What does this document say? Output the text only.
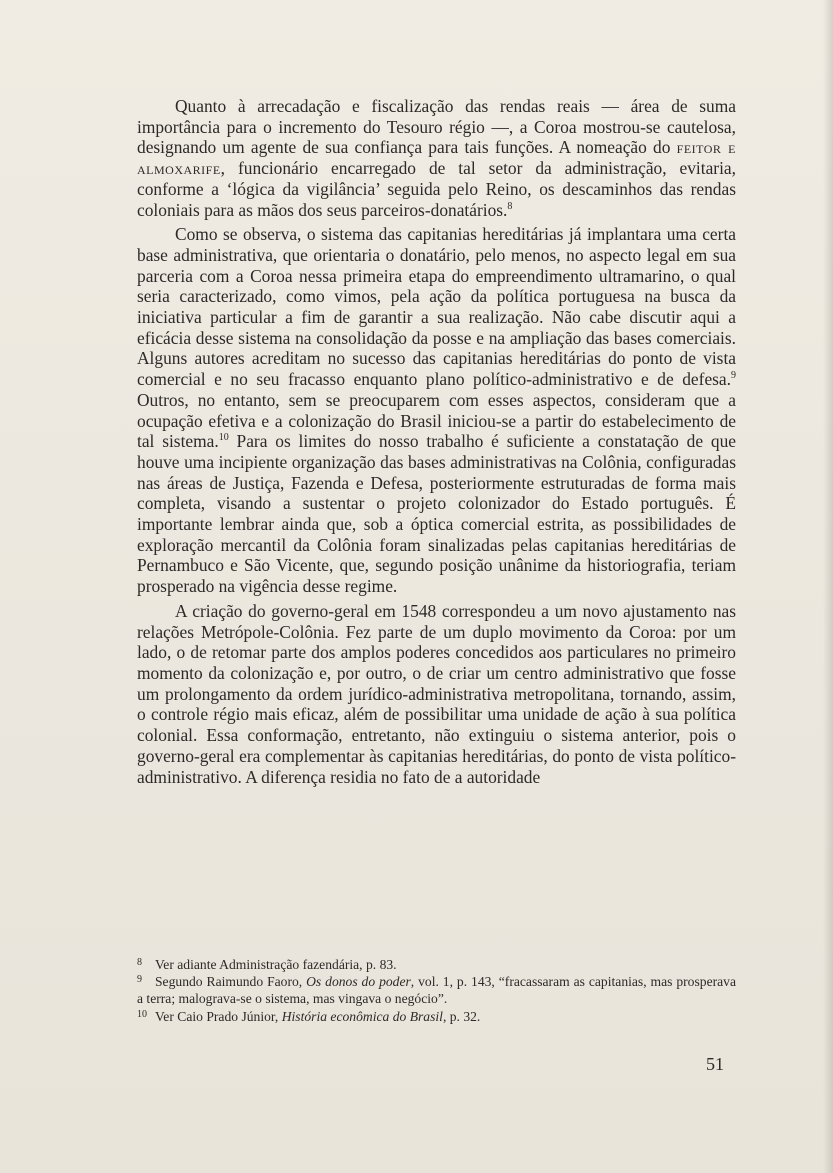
Quanto à arrecadação e fiscalização das rendas reais — área de suma importância para o incremento do Tesouro régio —, a Coroa mostrou-se cautelosa, designando um agente de sua confiança para tais funções. A nomeação do feitor e almoxarife, funcionário encarregado de tal setor da administração, evitaria, conforme a ‘lógica da vigilância’ seguida pelo Reino, os descaminhos das rendas coloniais para as mãos dos seus parceiros-donatários.$^8$

Como se observa, o sistema das capitanias hereditárias já implantara uma certa base administrativa, que orientaria o donatário, pelo menos, no aspecto legal em sua parceria com a Coroa nessa primeira etapa do empreendimento ultramarino, o qual seria caracterizado, como vimos, pela ação da política portuguesa na busca da iniciativa particular a fim de garantir a sua realização. Não cabe discutir aqui a eficácia desse sistema na consolidação da posse e na ampliação das bases comerciais. Alguns autores acreditam no sucesso das capitanias hereditárias do ponto de vista comercial e no seu fracasso enquanto plano político-administrativo e de defesa.$^9$ Outros, no entanto, sem se preocuparem com esses aspectos, consideram que a ocupação efetiva e a colonização do Brasil iniciou-se a partir do estabelecimento de tal sistema.$^{10}$ Para os limites do nosso trabalho é suficiente a constatação de que houve uma incipiente organização das bases administrativas na Colônia, configuradas nas áreas de Justiça, Fazenda e Defesa, posteriormente estruturadas de forma mais completa, visando a sustentar o projeto colonizador do Estado português. É importante lembrar ainda que, sob a óptica comercial estrita, as possibilidades de exploração mercantil da Colônia foram sinalizadas pelas capitanias hereditárias de Pernambuco e São Vicente, que, segundo posição unânime da historiografia, teriam prosperado na vigência desse regime.

A criação do governo-geral em 1548 correspondeu a um novo ajustamento nas relações Metrópole-Colônia. Fez parte de um duplo movimento da Coroa: por um lado, o de retomar parte dos amplos poderes concedidos aos particulares no primeiro momento da colonização e, por outro, o de criar um centro administrativo que fosse um prolongamento da ordem jurídico-administrativa metropolitana, tornando, assim, o controle régio mais eficaz, além de possibilitar uma unidade de ação à sua política colonial. Essa conformação, entretanto, não extinguiu o sistema anterior, pois o governo-geral era complementar às capitanias hereditárias, do ponto de vista político-administrativo. A diferença residia no fato de a autoridade

8 Ver adiante Administração fazendária, p. 83.
9 Segundo Raimundo Faoro, Os donos do poder, vol. 1, p. 143, “fracassaram as capitanias, mas prosperava a terra; malograva-se o sistema, mas vingava o negócio”.
10 Ver Caio Prado Júnior, História econômica do Brasil, p. 32.
51
